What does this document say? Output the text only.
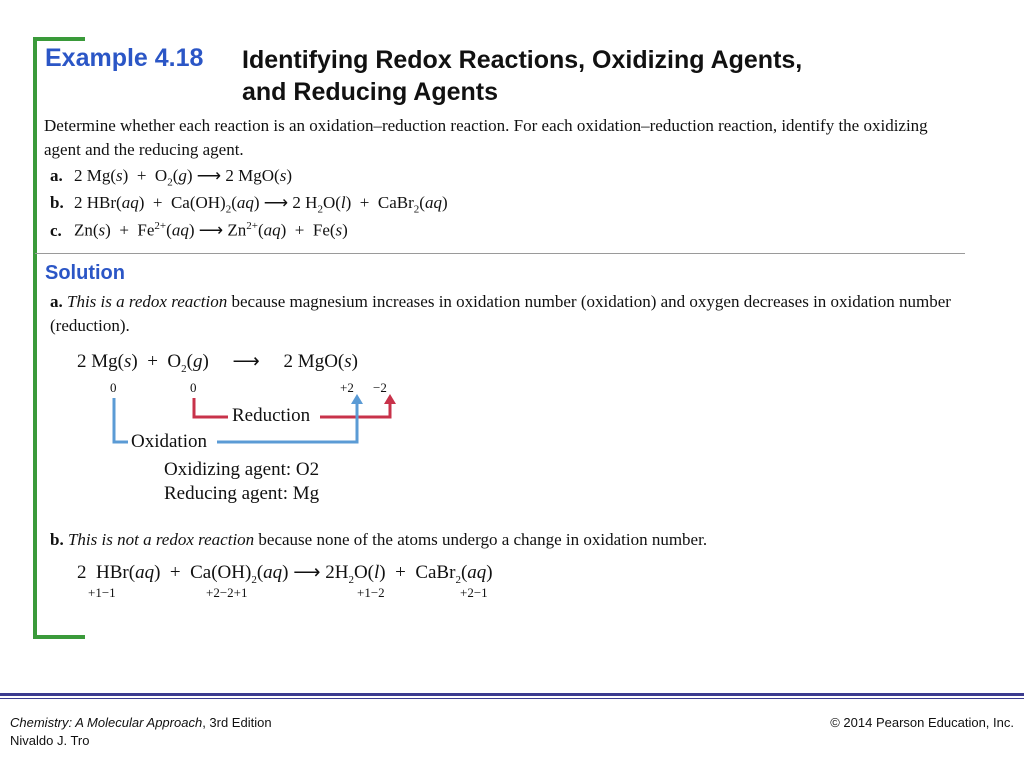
Example 4.18 Identifying Redox Reactions, Oxidizing Agents,
and Reducing Agents
Determine whether each reaction is an oxidation–reduction reaction. For each oxidation–reduction reaction, identify the oxidizing agent and the reducing agent.
a. 2 $Mg(s) + O_2(g)$ ⟶ 2 MgO(s)
b. 2 $HBr(aq) + Ca(OH)_2(aq)$ ⟶ 2 $H_2O(l)$  +  CaBr$_2$(aq)
c. $Zn(s) + Fe^{2+}(aq)$ ⟶ $Zn^{2+}(aq) + Fe(s)$
Solution
a. This is a redox reaction because magnesium increases in oxidation number (oxidation) and oxygen decreases in oxidation number (reduction).
2 $Mg(s) + O_2(g)$     ⟶     2 MgO(s)
0	0	+2 −2
Reduction
Oxidation
Oxidizing agent: O2
Reducing agent: Mg
b. This is not a redox reaction because none of the atoms undergo a change in oxidation number.
2  $HBr(aq) + Ca(OH)_2(aq)$ ⟶ $2H_2O(l)$  +  CaBr$_2$(aq)
+1−1	+2−2+1	+1−2	+2−1
Chemistry: A Molecular Approach, 3rd Edition
Nivaldo J. Tro
© 2014 Pearson Education, Inc.
